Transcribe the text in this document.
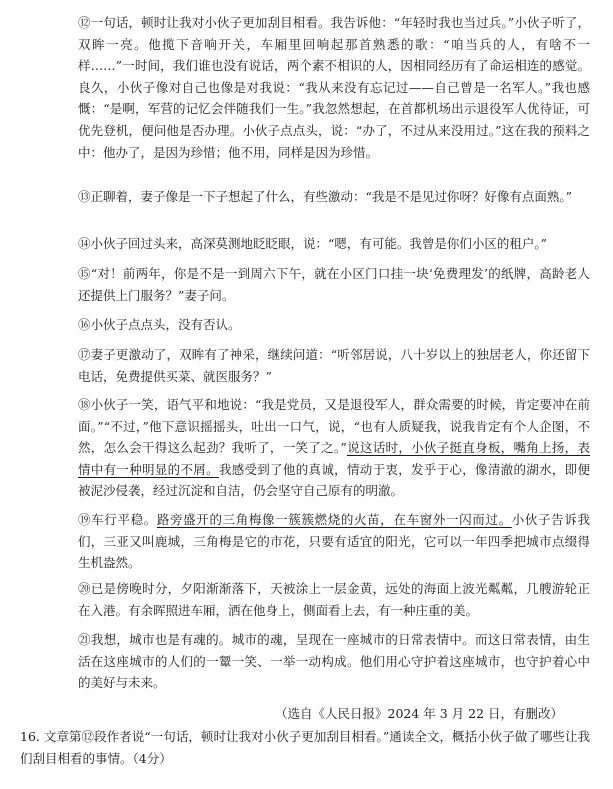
⑫一句话，顿时让我对小伙子更加刮目相看。我告诉他：“年轻时我也当过兵。”小伙子听了，双眸一亮。他揽下音响开关，车厢里回响起那首熟悉的歌：“咱当兵的人，有啥不一样……”一时间，我们谁也没有说话，两个素不相识的人，因相同经历有了命运相连的感觉。良久，小伙子像对自己也像是对我说：“我从来没有忘记过——自己曾是一名军人。”我也感慨：“是啊，军营的记忆会伴随我们一生。”我忽然想起，在首都机场出示退役军人优待证，可优先登机，便问他是否办理。小伙子点点头，说：“办了，不过从来没用过。”这在我的预料之中：他办了，是因为珍惜；他不用，同样是因为珍惜。

⑬正聊着，妻子像是一下子想起了什么，有些激动：“我是不是见过你呀？好像有点面熟。”

⑭小伙子回过头来，高深莫测地眨眨眼，说：“嗯，有可能。我曾是你们小区的租户。”

⑮“对！前两年，你是不是一到周六下午，就在小区门口挂一块‘免费理发’的纸牌，高龄老人还提供上门服务？”妻子问。

⑯小伙子点点头，没有否认。

⑰妻子更激动了，双眸有了神采，继续问道：“听邻居说，八十岁以上的独居老人，你还留下电话，免费提供买菜、就医服务？”

⑱小伙子一笑，语气平和地说：“我是党员，又是退役军人，群众需要的时候，肯定要冲在前面。”“不过，”他下意识摇摇头，吐出一口气，说，“也有人质疑我，说我肯定有个人企图，不然，怎么会干得这么起劲？我听了，一笑了之。”说这话时，小伙子挺直身板，嘴角上扬，表情中有一种明显的不屑。我感受到了他的真诚，情动于衷，发乎于心，像清澈的湖水，即便被泥沙侵袭，经过沉淀和自洁，仍会坚守自己原有的明澈。

⑲车行平稳。路旁盛开的三角梅像一簇簇燃烧的火苗，在车窗外一闪而过。小伙子告诉我们，三亚又叫鹿城，三角梅是它的市花，只要有适宜的阳光，它可以一年四季把城市点缀得生机盎然。

⑳已是傍晚时分，夕阳渐渐落下，天被涂上一层金黄，远处的海面上波光粼粼，几艘游轮正在入港。有余晖照进车厢，洒在他身上，侧面看上去，有一种庄重的美。

㉑我想，城市也是有魂的。城市的魂，呈现在一座城市的日常表情中。而这日常表情，由生活在这座城市的人们的一颦一笑、一举一动构成。他们用心守护着这座城市，也守护着心中的美好与未来。

（选自《人民日报》2024 年 3 月 22 日，有删改）

16. 文章第⑫段作者说“一句话，顿时让我对小伙子更加刮目相看。”通读全文，概括小伙子做了哪些让我们刮目相看的事情。（4分）
